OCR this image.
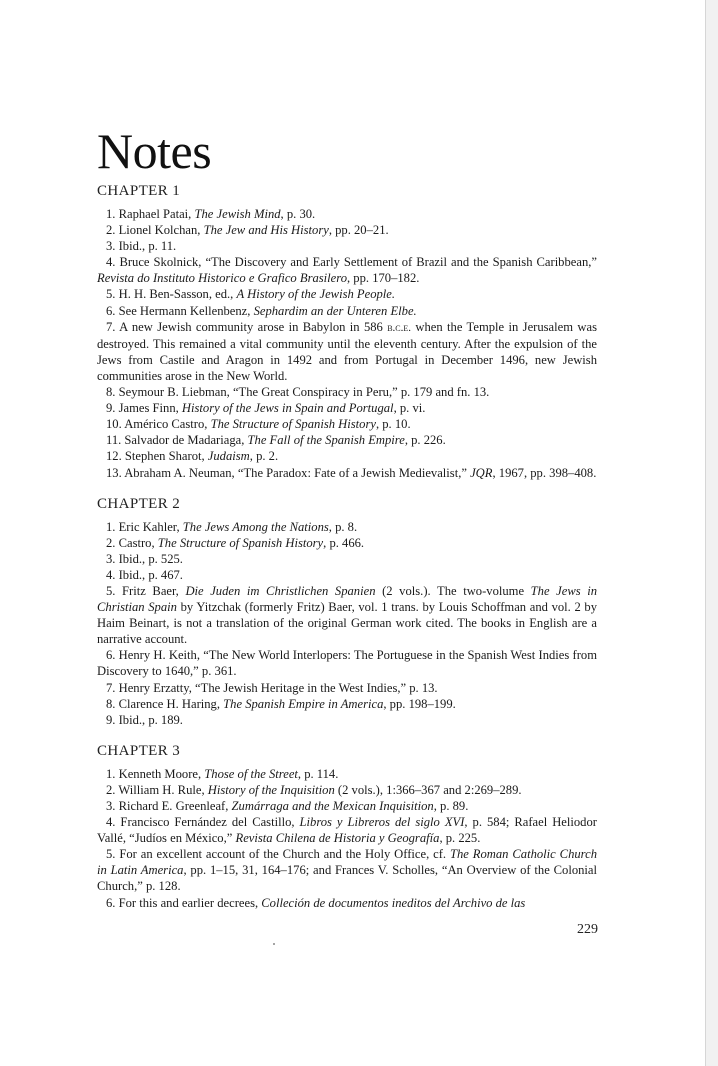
Notes
CHAPTER 1

1. Raphael Patai, The Jewish Mind, p. 30.

2. Lionel Kolchan, The Jew and His History, pp. 20–21.

3. Ibid., p. 11.

4. Bruce Skolnick, “The Discovery and Early Settlement of Brazil and the Spanish Caribbean,” Revista do Instituto Historico e Grafico Brasilero, pp. 170–182.

5. H. H. Ben-Sasson, ed., A History of the Jewish People.

6. See Hermann Kellenbenz, Sephardim an der Unteren Elbe.

7. A new Jewish community arose in Babylon in 586 b.c.e. when the Temple in Jerusalem was destroyed. This remained a vital community until the eleventh century. After the expulsion of the Jews from Castile and Aragon in 1492 and from Portugal in December 1496, new Jewish communities arose in the New World.

8. Seymour B. Liebman, “The Great Conspiracy in Peru,” p. 179 and fn. 13.

9. James Finn, History of the Jews in Spain and Portugal, p. vi.

10. Américo Castro, The Structure of Spanish History, p. 10.

11. Salvador de Madariaga, The Fall of the Spanish Empire, p. 226.

12. Stephen Sharot, Judaism, p. 2.

13. Abraham A. Neuman, “The Paradox: Fate of a Jewish Medievalist,” JQR, 1967, pp. 398–408.

CHAPTER 2

1. Eric Kahler, The Jews Among the Nations, p. 8.

2. Castro, The Structure of Spanish History, p. 466.

3. Ibid., p. 525.

4. Ibid., p. 467.

5. Fritz Baer, Die Juden im Christlichen Spanien (2 vols.). The two-volume The Jews in Christian Spain by Yitzchak (formerly Fritz) Baer, vol. 1 trans. by Louis Schoffman and vol. 2 by Haim Beinart, is not a translation of the original German work cited. The books in English are a narrative account.

6. Henry H. Keith, “The New World Interlopers: The Portuguese in the Spanish West Indies from Discovery to 1640,” p. 361.

7. Henry Erzatty, “The Jewish Heritage in the West Indies,” p. 13.

8. Clarence H. Haring, The Spanish Empire in America, pp. 198–199.

9. Ibid., p. 189.

CHAPTER 3

1. Kenneth Moore, Those of the Street, p. 114.

2. William H. Rule, History of the Inquisition (2 vols.), 1:366–367 and 2:269–289.

3. Richard E. Greenleaf, Zumárraga and the Mexican Inquisition, p. 89.

4. Francisco Fernández del Castillo, Libros y Libreros del siglo XVI, p. 584; Rafael Heliodor Vallé, “Judíos en México,” Revista Chilena de Historia y Geografía, p. 225.

5. For an excellent account of the Church and the Holy Office, cf. The Roman Catholic Church in Latin America, pp. 1–15, 31, 164–176; and Frances V. Scholles, “An Overview of the Colonial Church,” p. 128.

6. For this and earlier decrees, Colleción de documentos ineditos del Archivo de las

229
